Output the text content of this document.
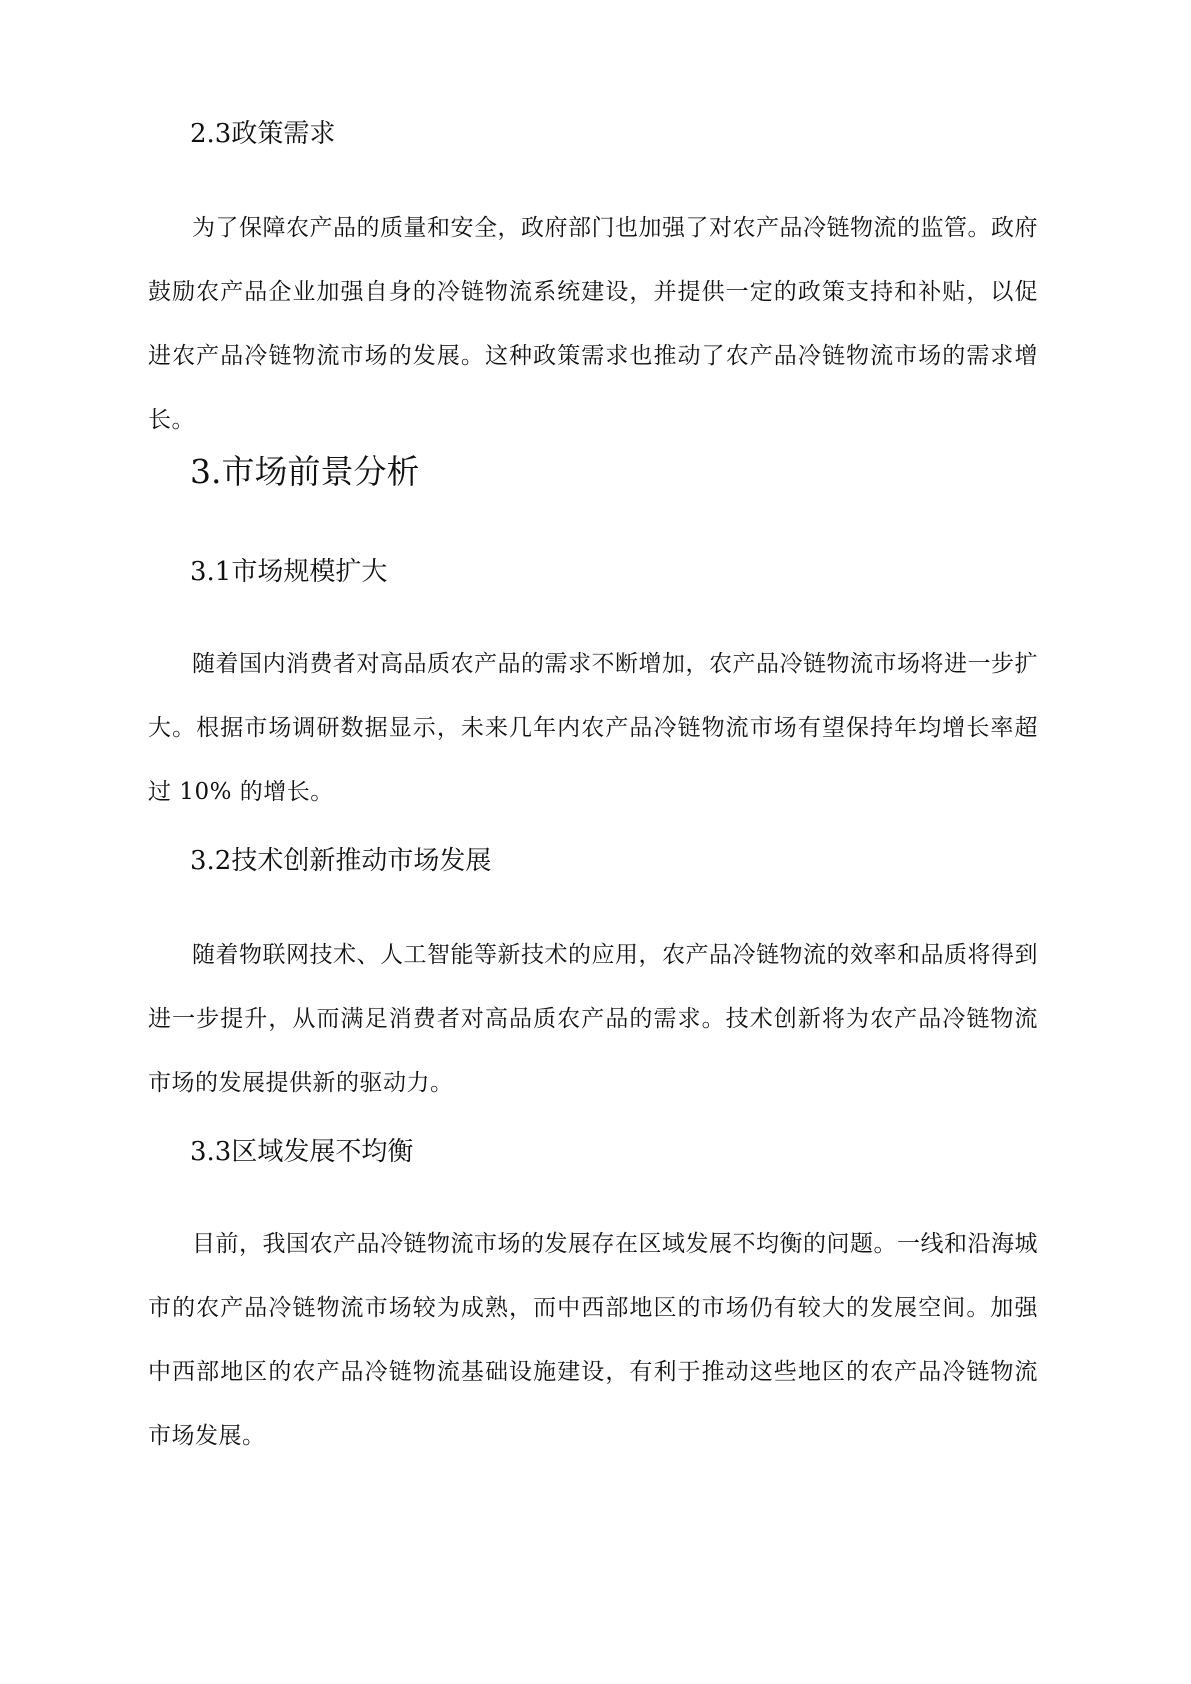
2.3政策需求

为了保障农产品的质量和安全，政府部门也加强了对农产品冷链物流的监管。政府鼓励农产品企业加强自身的冷链物流系统建设，并提供一定的政策支持和补贴，以促进农产品冷链物流市场的发展。这种政策需求也推动了农产品冷链物流市场的需求增长。

3.市场前景分析
3.1市场规模扩大

随着国内消费者对高品质农产品的需求不断增加，农产品冷链物流市场将进一步扩大。根据市场调研数据显示，未来几年内农产品冷链物流市场有望保持年均增长率超过 10% 的增长。

3.2技术创新推动市场发展

随着物联网技术、人工智能等新技术的应用，农产品冷链物流的效率和品质将得到进一步提升，从而满足消费者对高品质农产品的需求。技术创新将为农产品冷链物流市场的发展提供新的驱动力。

3.3区域发展不均衡

目前，我国农产品冷链物流市场的发展存在区域发展不均衡的问题。一线和沿海城市的农产品冷链物流市场较为成熟，而中西部地区的市场仍有较大的发展空间。加强中西部地区的农产品冷链物流基础设施建设，有利于推动这些地区的农产品冷链物流市场发展。
